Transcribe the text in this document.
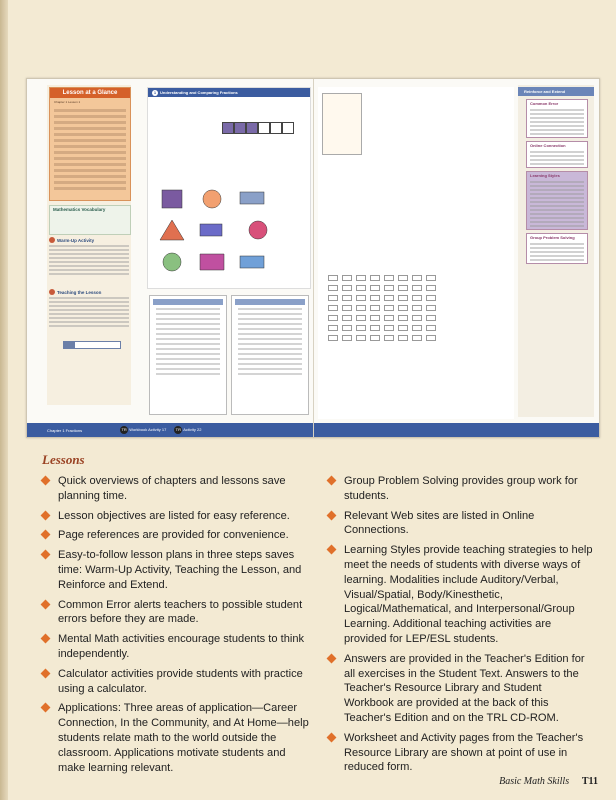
Lesson at a Glance
Chapter 1 Lesson 1
Mathematics Vocabulary
Warm-Up Activity
Teaching the Lesson
1 Understanding and Comparing Fractions
Chapter 1 Fractions	TR Workbook Activity 17	TR Activity 22
Reinforce and Extend
Common Error
Online Connection
Learning Styles
Group Problem Solving
Lessons
Quick overviews of chapters and lessons save planning time.
Lesson objectives are listed for easy reference.
Page references are provided for convenience.
Easy-to-follow lesson plans in three steps saves time: Warm-Up Activity, Teaching the Lesson, and Reinforce and Extend.
Common Error alerts teachers to possible student errors before they are made.
Mental Math activities encourage students to think independently.
Calculator activities provide students with practice using a calculator.
Applications: Three areas of application—Career Connection, In the Community, and At Home—help students relate math to the world outside the classroom. Applications motivate students and make learning relevant.
Group Problem Solving provides group work for students.
Relevant Web sites are listed in Online Connections.
Learning Styles provide teaching strategies to help meet the needs of students with diverse ways of learning. Modalities include Auditory/Verbal, Visual/Spatial, Body/Kinesthetic, Logical/Mathematical, and Interpersonal/Group Learning. Additional teaching activities are provided for LEP/ESL students.
Answers are provided in the Teacher's Edition for all exercises in the Student Text. Answers to the Teacher's Resource Library and Student Workbook are provided at the back of this Teacher's Edition and on the TRL CD-ROM.
Worksheet and Activity pages from the Teacher's Resource Library are shown at point of use in reduced form.
Basic Math Skills T11
